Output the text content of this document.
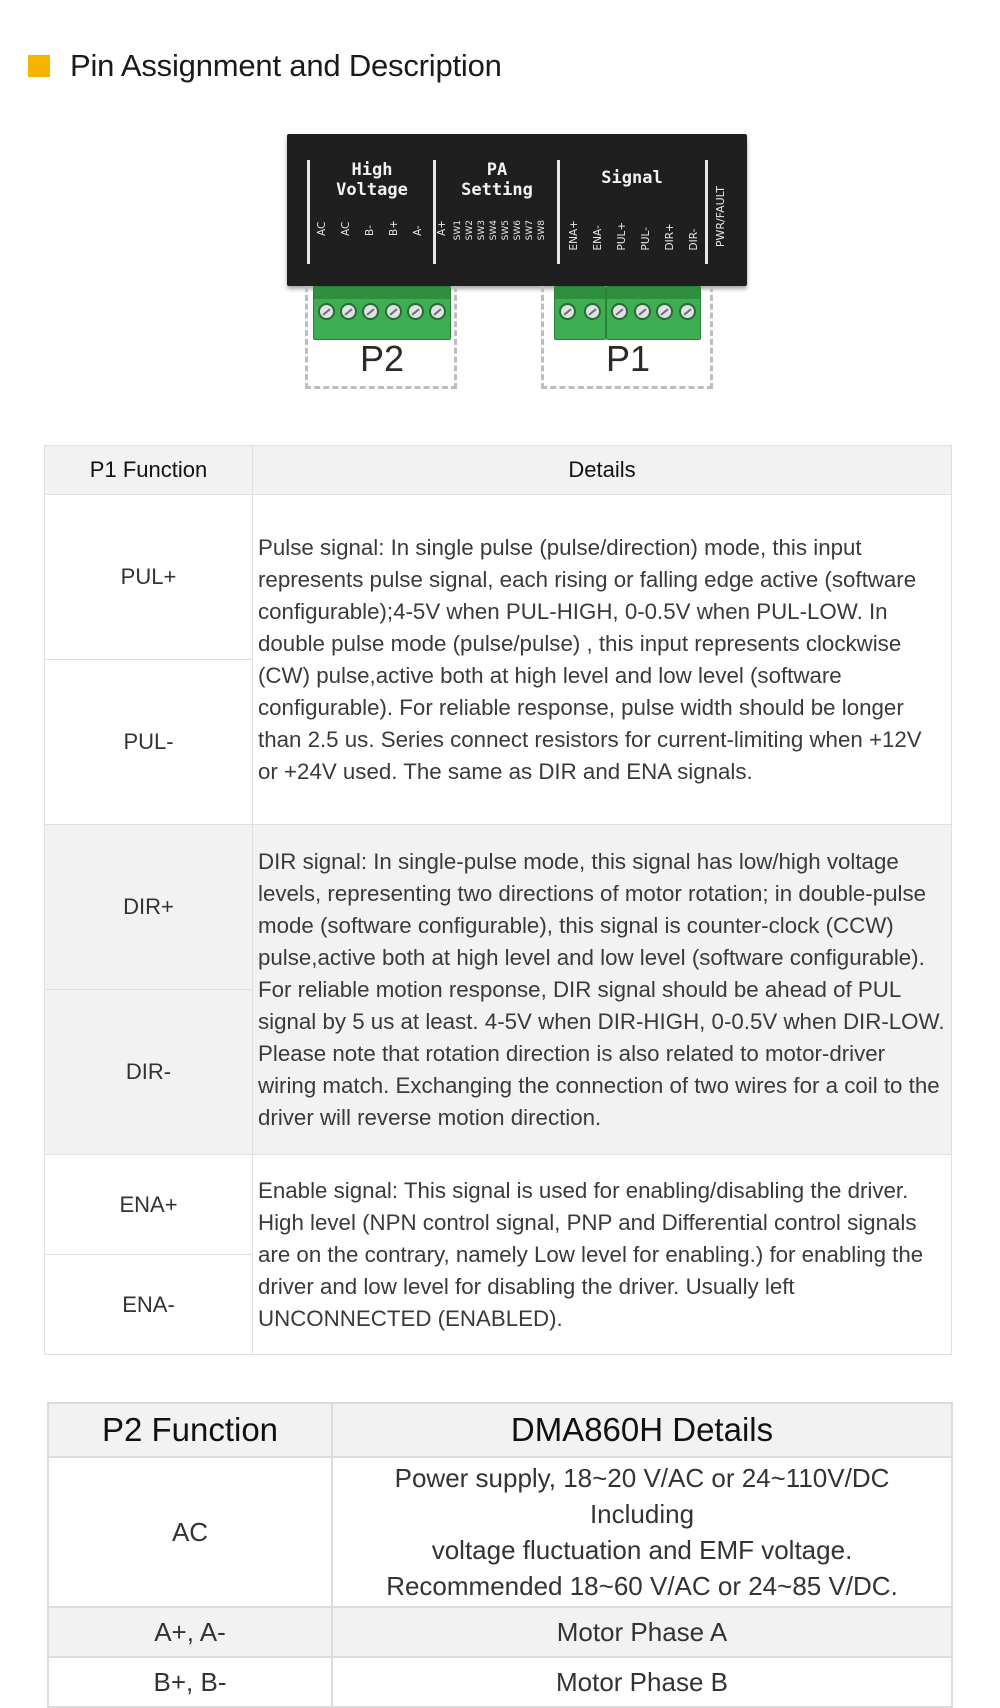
Pin Assignment and Description
High
Voltage
PA
Setting
Signal
AC AC B- B+ A- A+ SW1 SW2 SW3 SW4 SW5 SW6 SW7 SW8 ENA+ ENA- PUL+ PUL- DIR+ DIR- PWR/FAULT
P2	P1
P1 Function	Details
PUL+	Pulse signal: In single pulse (pulse/direction) mode, this input represents pulse signal, each rising or falling edge active (software configurable);4-5V when PUL-HIGH, 0-0.5V when PUL-LOW. In double pulse mode (pulse/pulse) , this input represents clockwise (CW) pulse,active both at high level and low level (software configurable). For reliable response, pulse width should be longer than 2.5 us. Series connect resistors for current-limiting when +12V or +24V used. The same as DIR and ENA signals.
PUL-	
DIR+	DIR signal: In single-pulse mode, this signal has low/high voltage levels, representing two directions of motor rotation; in double-pulse mode (software configurable), this signal is counter-clock (CCW) pulse,active both at high level and low level (software configurable). For reliable motion response, DIR signal should be ahead of PUL signal by 5 us at least. 4-5V when DIR-HIGH, 0-0.5V when DIR-LOW. Please note that rotation direction is also related to motor-driver wiring match. Exchanging the connection of two wires for a coil to the driver will reverse motion direction.
DIR-	
ENA+	Enable signal: This signal is used for enabling/disabling the driver. High level (NPN control signal, PNP and Differential control signals are on the contrary, namely Low level for enabling.) for enabling the driver and low level for disabling the driver. Usually left UNCONNECTED (ENABLED).
ENA-	
P2 Function	DMA860H Details
AC	Power supply, 18~20 V/AC or 24~110V/DC Including
voltage fluctuation and EMF voltage.
Recommended 18~60 V/AC or 24~85 V/DC.

A+, A-	Motor Phase A
B+, B-	Motor Phase B
